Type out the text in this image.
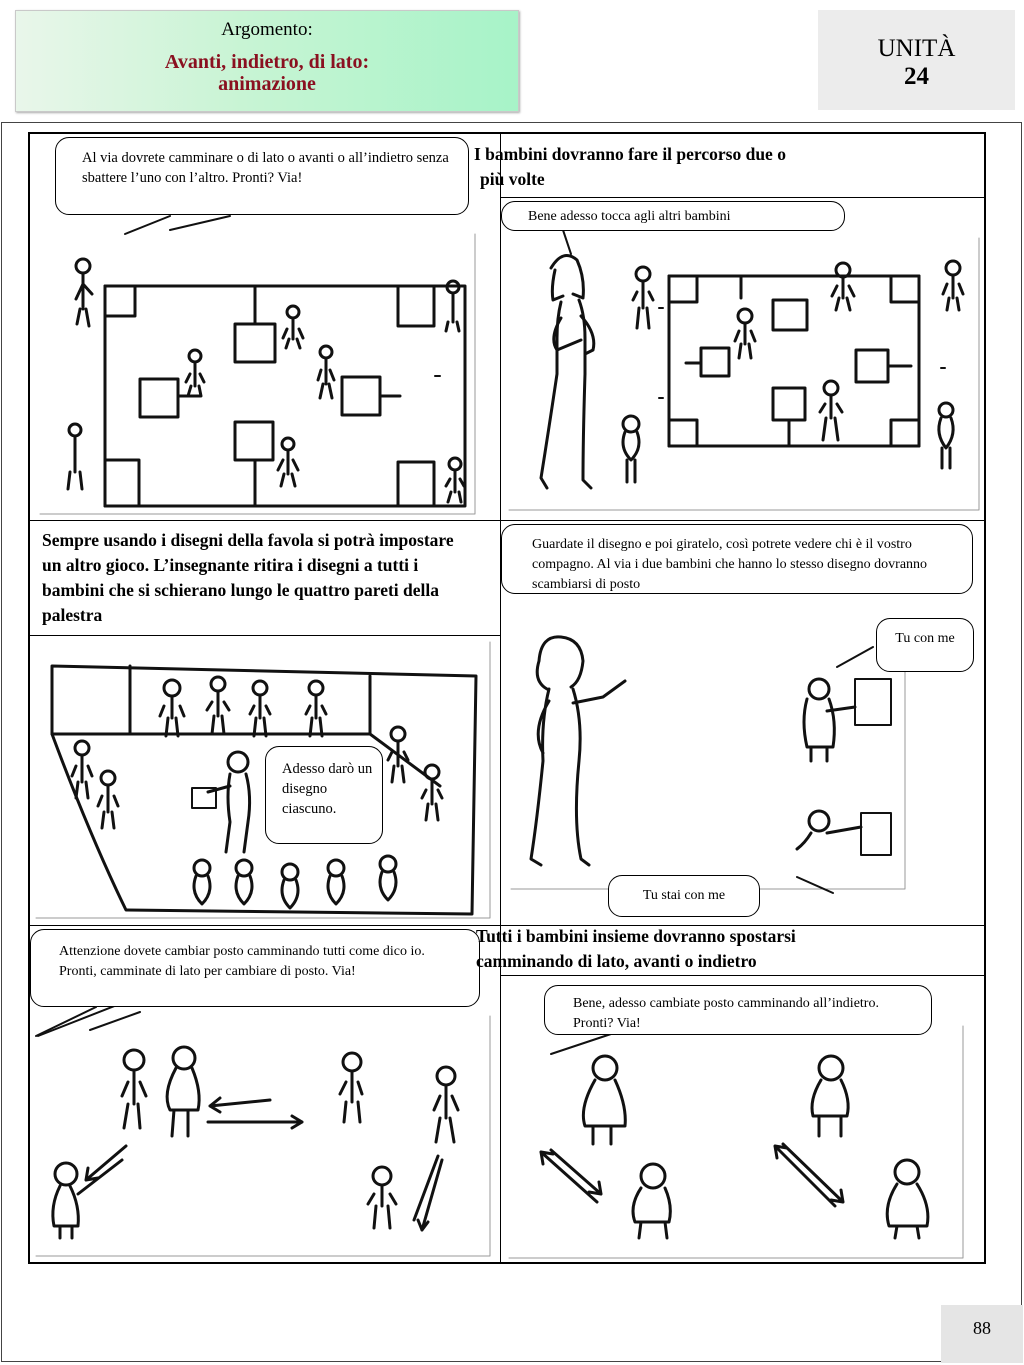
Argomento:
Avanti, indietro, di lato:
animazione
UNITÀ
24
Al via dovrete camminare o di lato o avanti o all’indietro senza sbattere l’uno con l’altro. Pronti? Via!
I bambini dovranno fare il percorso due o
più volte
Bene adesso tocca agli altri bambini
Sempre usando i disegni della favola si potrà impostare un altro gioco. L’insegnante ritira i disegni a tutti i bambini che si schierano lungo le quattro pareti della palestra
Adesso darò un disegno ciascuno.
Guardate il disegno e poi giratelo, così potrete vedere chi è il vostro compagno. Al via i due bambini che hanno lo stesso disegno dovranno scambiarsi di posto
Tu con me
Tu stai con me
Attenzione dovete cambiar posto camminando tutti come dico io. Pronti, camminate di lato per cambiare di posto. Via!
Tutti i bambini insieme dovranno spostarsi
camminando di lato, avanti o indietro
Bene, adesso cambiate posto camminando all’indietro. Pronti? Via!
88
